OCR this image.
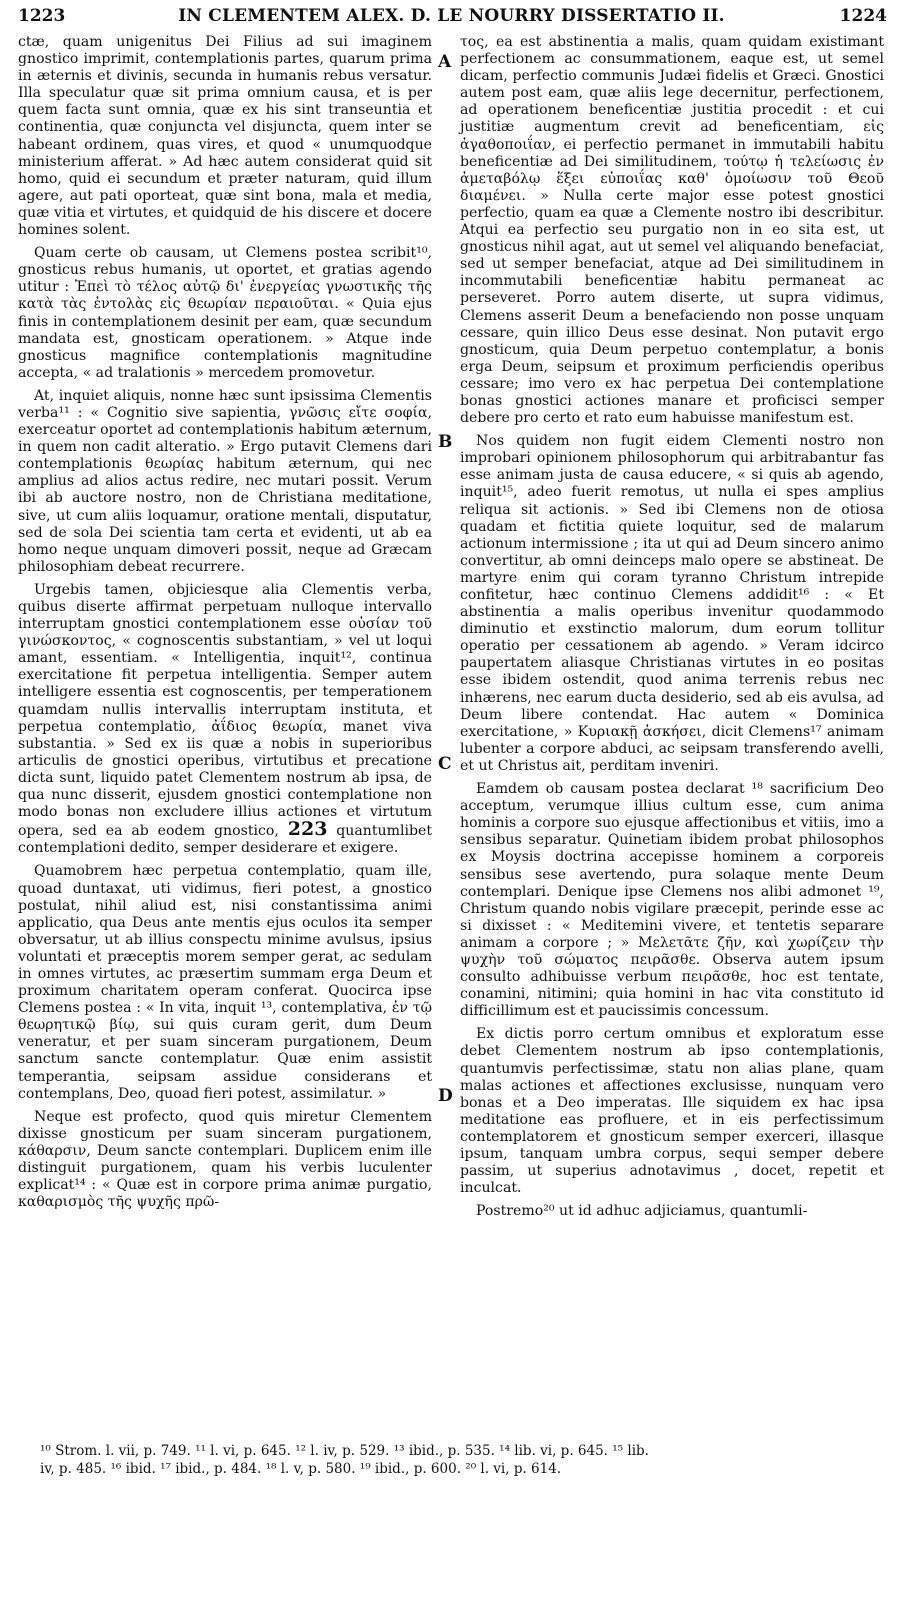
1223	IN CLEMENTEM ALEX. D. LE NOURRY DISSERTATIO II.	1224
A
B
C
D

ctæ, quam unigenitus Dei Filius ad sui imaginem gnostico imprimit, contemplationis partes, quarum prima in æternis et divinis, secunda in humanis rebus versatur. Illa speculatur quæ sit prima omnium causa, et is per quem facta sunt omnia, quæ ex his sint transeuntia et continentia, quæ conjuncta vel disjuncta, quem inter se habeant ordinem, quas vires, et quod « unumquodque ministerium afferat. » Ad hæc autem considerat quid sit homo, quid ei secundum et præter naturam, quid illum agere, aut pati oporteat, quæ sint bona, mala et media, quæ vitia et virtutes, et quidquid de his discere et docere homines solent.

Quam certe ob causam, ut Clemens postea scribit¹⁰, gnosticus rebus humanis, ut oportet, et gratias agendo utitur : Ἐπεὶ τὸ τέλος αὐτῷ δι' ἐνεργείας γνωστικῆς τῆς κατὰ τὰς ἐντολὰς εἰς θεωρίαν περαιοῦται. « Quia ejus finis in contemplationem desinit per eam, quæ secundum mandata est, gnosticam operationem. » Atque inde gnosticus magnifice contemplationis magnitudine accepta, « ad tralationis » mercedem promovetur.

At, inquiet aliquis, nonne hæc sunt ipsissima Clementis verba¹¹ : « Cognitio sive sapientia, γνῶσις εἴτε σοφία, exerceatur oportet ad contemplationis habitum æternum, in quem non cadit alteratio. » Ergo putavit Clemens dari contemplationis θεωρίας habitum æternum, qui nec amplius ad alios actus redire, nec mutari possit. Verum ibi ab auctore nostro, non de Christiana meditatione, sive, ut cum aliis loquamur, oratione mentali, disputatur, sed de sola Dei scientia tam certa et evidenti, ut ab ea homo neque unquam dimoveri possit, neque ad Græcam philosophiam debeat recurrere.

Urgebis tamen, objiciesque alia Clementis verba, quibus diserte affirmat perpetuam nulloque intervallo interruptam gnostici contemplationem esse οὐσίαν τοῦ γινώσκοντος, « cognoscentis substantiam, » vel ut loqui amant, essentiam. « Intelligentia, inquit¹², continua exercitatione fit perpetua intelligentia. Semper autem intelligere essentia est cognoscentis, per temperationem quamdam nullis intervallis interruptam instituta, et perpetua contemplatio, ἀΐδιος θεωρία, manet viva substantia. » Sed ex iis quæ a nobis in superioribus articulis de gnostici operibus, virtutibus et precatione dicta sunt, liquido patet Clementem nostrum ab ipsa, de qua nunc disserit, ejusdem gnostici contemplatione non modo bonas non excludere illius actiones et virtutum opera, sed ea ab eodem gnostico, 223 quantumlibet contemplationi dedito, semper desiderare et exigere.

Quamobrem hæc perpetua contemplatio, quam ille, quoad duntaxat, uti vidimus, fieri potest, a gnostico postulat, nihil aliud est, nisi constantissima animi applicatio, qua Deus ante mentis ejus oculos ita semper obversatur, ut ab illius conspectu minime avulsus, ipsius voluntati et præceptis morem semper gerat, ac sedulam in omnes virtutes, ac præsertim summam erga Deum et proximum charitatem operam conferat. Quocirca ipse Clemens postea : « In vita, inquit ¹³, contemplativa, ἐν τῷ θεωρητικῷ βίῳ, sui quis curam gerit, dum Deum veneratur, et per suam sinceram purgationem, Deum sanctum sancte contemplatur. Quæ enim assistit temperantia, seipsam assidue considerans et contemplans, Deo, quoad fieri potest, assimilatur. »

Neque est profecto, quod quis miretur Clementem dixisse gnosticum per suam sinceram purgationem, κάθαρσιν, Deum sancte contemplari. Duplicem enim ille distinguit purgationem, quam his verbis luculenter explicat¹⁴ : « Quæ est in corpore prima animæ purgatio, καθαρισμὸς τῆς ψυχῆς πρῶ-

τος, ea est abstinentia a malis, quam quidam existimant perfectionem ac consummationem, eaque est, ut semel dicam, perfectio communis Judæi fidelis et Græci. Gnostici autem post eam, quæ aliis lege decernitur, perfectionem, ad operationem beneficentiæ justitia procedit : et cui justitiæ augmentum crevit ad beneficentiam, εἰς ἀγαθοποιΐαν, ei perfectio permanet in immutabili habitu beneficentiæ ad Dei similitudinem, τούτῳ ἡ τελείωσις ἐν ἀμεταβόλῳ ἕξει εὐποιΐας καθ' ὁμοίωσιν τοῦ Θεοῦ διαμένει. » Nulla certe major esse potest gnostici perfectio, quam ea quæ a Clemente nostro ibi describitur. Atqui ea perfectio seu purgatio non in eo sita est, ut gnosticus nihil agat, aut ut semel vel aliquando benefaciat, sed ut semper benefaciat, atque ad Dei similitudinem in incommutabili beneficentiæ habitu permaneat ac perseveret. Porro autem diserte, ut supra vidimus, Clemens asserit Deum a benefaciendo non posse unquam cessare, quin illico Deus esse desinat. Non putavit ergo gnosticum, quia Deum perpetuo contemplatur, a bonis erga Deum, seipsum et proximum perficiendis operibus cessare; imo vero ex hac perpetua Dei contemplatione bonas gnostici actiones manare et proficisci semper debere pro certo et rato eum habuisse manifestum est.

Nos quidem non fugit eidem Clementi nostro non improbari opinionem philosophorum qui arbitrabantur fas esse animam justa de causa educere, « si quis ab agendo, inquit¹⁵, adeo fuerit remotus, ut nulla ei spes amplius reliqua sit actionis. » Sed ibi Clemens non de otiosa quadam et fictitia quiete loquitur, sed de malarum actionum intermissione ; ita ut qui ad Deum sincero animo convertitur, ab omni deinceps malo opere se abstineat. De martyre enim qui coram tyranno Christum intrepide confitetur, hæc continuo Clemens addidit¹⁶ : « Et abstinentia a malis operibus invenitur quodammodo diminutio et exstinctio malorum, dum eorum tollitur operatio per cessationem ab agendo. » Veram idcirco paupertatem aliasque Christianas virtutes in eo positas esse ibidem ostendit, quod anima terrenis rebus nec inhærens, nec earum ducta desiderio, sed ab eis avulsa, ad Deum libere contendat. Hac autem « Dominica exercitatione, » Κυριακῇ ἀσκήσει, dicit Clemens¹⁷ animam lubenter a corpore abduci, ac seipsam transferendo avelli, et ut Christus ait, perditam inveniri.

Eamdem ob causam postea declarat ¹⁸ sacrificium Deo acceptum, verumque illius cultum esse, cum anima hominis a corpore suo ejusque affectionibus et vitiis, imo a sensibus separatur. Quinetiam ibidem probat philosophos ex Moysis doctrina accepisse hominem a corporeis sensibus sese avertendo, pura solaque mente Deum contemplari. Denique ipse Clemens nos alibi admonet ¹⁹, Christum quando nobis vigilare præcepit, perinde esse ac si dixisset : « Meditemini vivere, et tentetis separare animam a corpore ; » Μελετᾶτε ζῆν, καὶ χωρίζειν τὴν ψυχὴν τοῦ σώματος πειρᾶσθε. Observa autem ipsum consulto adhibuisse verbum πειρᾶσθε, hoc est tentate, conamini, nitimini; quia homini in hac vita constituto id difficillimum est et paucissimis concessum.

Ex dictis porro certum omnibus et exploratum esse debet Clementem nostrum ab ipso contemplationis, quantumvis perfectissimæ, statu non alias plane, quam malas actiones et affectiones exclusisse, nunquam vero bonas et a Deo imperatas. Ille siquidem ex hac ipsa meditatione eas profluere, et in eis perfectissimum contemplatorem et gnosticum semper exerceri, illasque ipsum, tanquam umbra corpus, sequi semper debere passim, ut superius adnotavimus , docet, repetit et inculcat.

Postremo²⁰ ut id adhuc adjiciamus, quantumli-

¹⁰ Strom. l. vii, p. 749. ¹¹ l. vi, p. 645. ¹² l. iv, p. 529. ¹³ ibid., p. 535. ¹⁴ lib. vi, p. 645. ¹⁵ lib.

iv, p. 485. ¹⁶ ibid. ¹⁷ ibid., p. 484. ¹⁸ l. v, p. 580. ¹⁹ ibid., p. 600. ²⁰ l. vi, p. 614.
